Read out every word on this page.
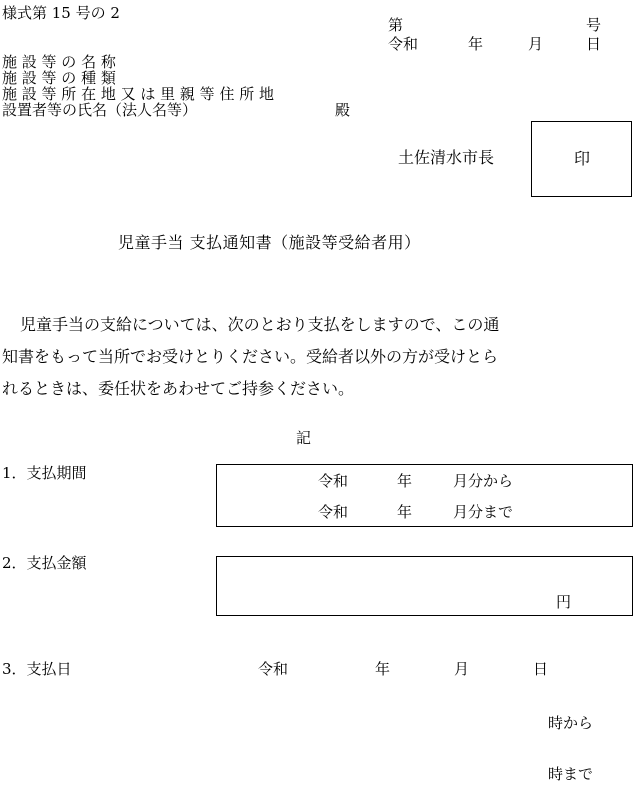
様式第 15 号の 2
第	号
令和	年	月	日
施 設 等 の 名 称
施 設 等 の 種 類
施 設 等 所 在 地 又 は 里 親 等 住 所 地
設置者等の氏名（法人名等）	殿
土佐清水市長	印
児童手当 支払通知書（施設等受給者用）

児童手当の支給については、次のとおり支払をしますので、この通

知書をもって当所でお受けとりください。受給者以外の方が受けとら

れるときは、委任状をあわせてご持参ください。

記
1．支払期間	令和	年	月分から
令和	年	月分まで
2．支払金額
円
3．支払日	令和	年	月	日
時から
時まで
